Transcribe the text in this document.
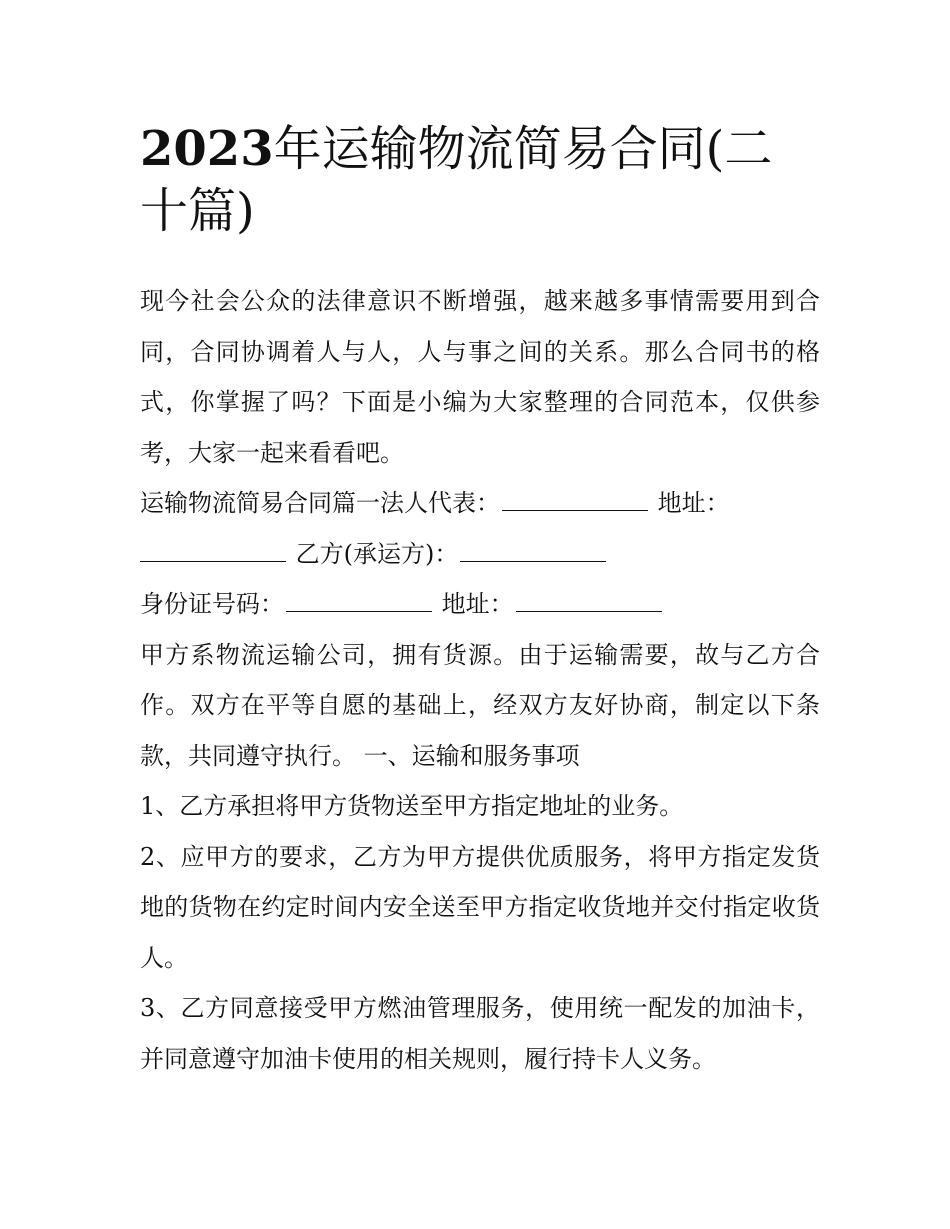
2023年运输物流简易合同(二
十篇)

现今社会公众的法律意识不断增强，越来越多事情需要用到合同，合同协调着人与人，人与事之间的关系。那么合同书的格式，你掌握了吗？下面是小编为大家整理的合同范本，仅供参考，大家一起来看看吧。

运输物流简易合同篇一法人代表：	地址：

乙方(承运方)：

身份证号码：	地址：

甲方系物流运输公司，拥有货源。由于运输需要，故与乙方合作。双方在平等自愿的基础上，经双方友好协商，制定以下条款，共同遵守执行。 一、运输和服务事项

1、乙方承担将甲方货物送至甲方指定地址的业务。

2、应甲方的要求，乙方为甲方提供优质服务，将甲方指定发货地的货物在约定时间内安全送至甲方指定收货地并交付指定收货人。

3、乙方同意接受甲方燃油管理服务，使用统一配发的加油卡，并同意遵守加油卡使用的相关规则，履行持卡人义务。
